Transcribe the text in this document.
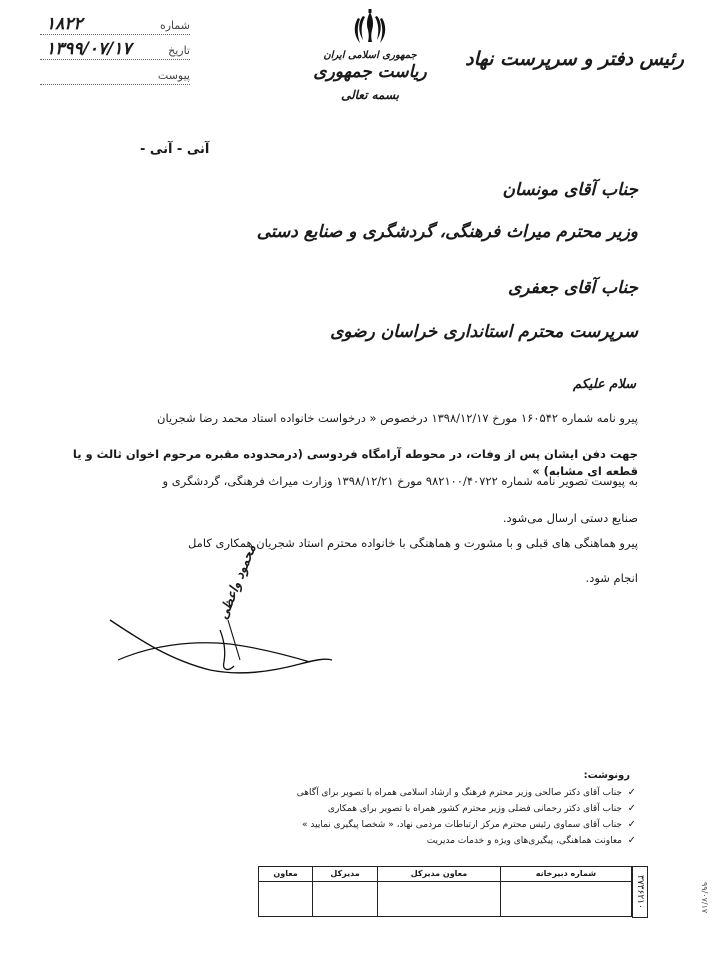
رئیس دفتر و سرپرست نهاد
جمهوری اسلامی ایران
ریاست جمهوری
بسمه تعالی
شماره
۱۸۲۲
تاریخ
۱۳۹۹/۰۷/۱۷
پیوست
آنی - آنی -
جناب آقای مونسان
وزیر محترم میراث فرهنگی، گردشگری و صنایع دستی
جناب آقای جعفری
سرپرست محترم استانداری خراسان رضوی
سلام علیکم
پیرو نامه شماره ۱۶۰۵۴۲ مورخ ۱۳۹۸/۱۲/۱۷ درخصوص « درخواست خانواده استاد محمد رضا شجریان
جهت دفن ایشان پس از وفات، در محوطه آرامگاه فردوسی (درمحدوده مقبره مرحوم اخوان ثالث و یا قطعه ای مشابه) »
به پیوست تصویر نامه شماره ۹۸۲۱۰۰/۴۰۷۲۲ مورخ ۱۳۹۸/۱۲/۲۱ وزارت میراث فرهنگی، گردشگری و
صنایع دستی ارسال می‌شود.
پیرو هماهنگی های قبلی و با مشورت و هماهنگی با خانواده محترم استاد شجریان همکاری کامل
انجام شود.
محمود واعظی
رونوشت:
✓ جناب آقای دکتر صالحی وزیر محترم فرهنگ و ارشاد اسلامی همراه با تصویر برای آگاهی
✓ جناب آقای دکتر رحمانی فضلی وزیر محترم کشور همراه با تصویر برای همکاری
✓ جناب آقای سماوی رئیس محترم مرکز ارتباطات مردمی نهاد، « شخصا پیگیری نمایید »
✓ معاونت هماهنگی، پیگیری‌های ویژه و خدمات مدیریت
شماره دبیرخانه	معاون مدیرکل	مدیرکل	معاون

۳۷۳۶۲۱۰	۹۹/۰۷/۱۷
